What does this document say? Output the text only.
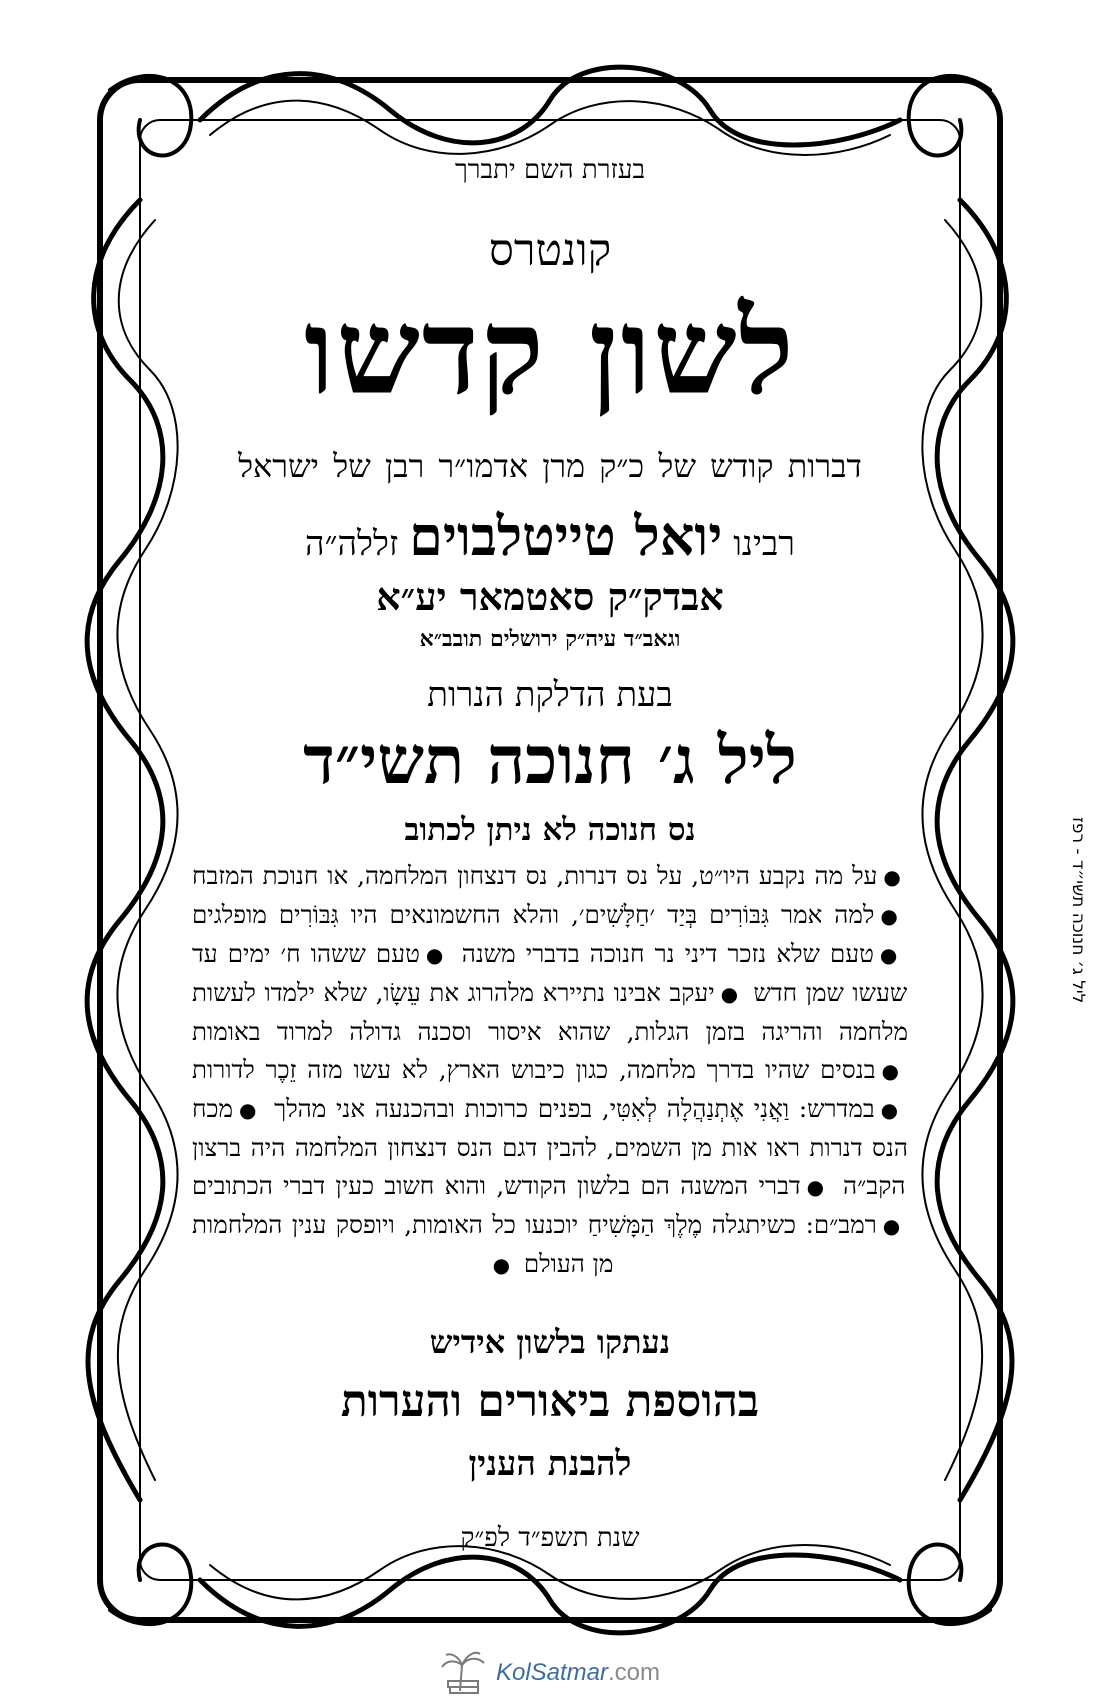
בעזרת השם יתברך
קונטרס
לשון קדשו
דברות קודש של כ״ק מרן אדמו״ר רבן של ישראל
רבינו יואל טייטלבוים זללה״ה
אבדק״ק סאטמאר יע״א
וגאב״ד עיה״ק ירושלים תובב״א
בעת הדלקת הנרות
ליל ג׳ חנוכה תשי״ד
נס חנוכה לא ניתן לכתוב
●על מה נקבע היו״ט, על נס דנרות, נס דנצחון המלחמה, או חנוכת המזבח ●למה אמר גִּבּוֹרִים בְּיַד ׳חַלָּשִׁים׳, והלא החשמונאים היו גִּבּוֹרִים מופלגים ●טעם שלא נזכר דיני נר חנוכה בדברי משנה ●טעם ששהו ח׳ ימים עד שעשו שמן חדש ●יעקב אבינו נתיירא מלהרוג את עֵשָׂו, שלא ילמדו לעשות מלחמה והריגה בזמן הגלות, שהוא איסור וסכנה גדולה למרוד באומות ●בנסים שהיו בדרך מלחמה, כגון כיבוש הארץ, לא עשו מזה זֵכֶר לדורות ●במדרש: וַאֲנִי אֶתְנַהֲלָה לְאִטִּי, בפנים כרוכות ובהכנעה אני מהלך ●מכח הנס דנרות ראו אות מן השמים, להבין דגם הנס דנצחון המלחמה היה ברצון הקב״ה ●דברי המשנה הם בלשון הקודש, והוא חשוב כעין דברי הכתובים ●רמב״ם: כשיתגלה מֶלֶךְ הַמָּשִׁיחַ יוכנעו כל האומות, ויופסק ענין המלחמות מן העולם ●
נעתקו בלשון אידיש
בהוספת ביאורים והערות
להבנת הענין
שנת תשפ״ד לפ״ק
ליל ג׳ חנוכה תשי״ד - רפז
KolSatmar.com
